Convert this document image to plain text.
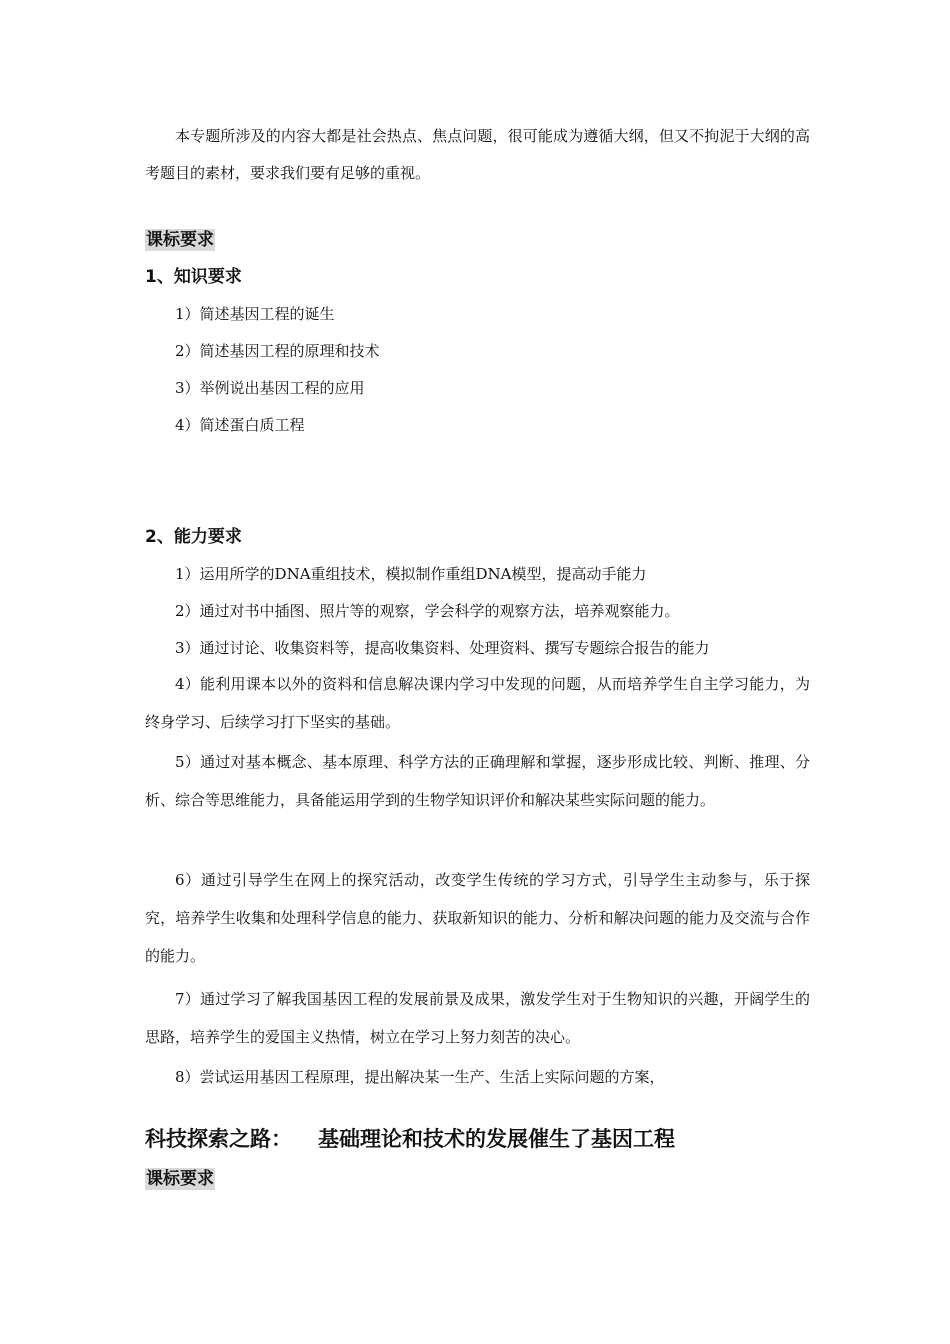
本专题所涉及的内容大都是社会热点、焦点问题，很可能成为遵循大纲，但又不拘泥于大纲的高考题目的素材，要求我们要有足够的重视。

课标要求
1、知识要求
1）简述基因工程的诞生
2）简述基因工程的原理和技术
3）举例说出基因工程的应用
4）简述蛋白质工程
2、能力要求
1）运用所学的DNA重组技术，模拟制作重组DNA模型，提高动手能力
2）通过对书中插图、照片等的观察，学会科学的观察方法，培养观察能力。
3）通过讨论、收集资料等，提高收集资料、处理资料、撰写专题综合报告的能力

4）能利用课本以外的资料和信息解决课内学习中发现的问题，从而培养学生自主学习能力，为终身学习、后续学习打下坚实的基础。

5）通过对基本概念、基本原理、科学方法的正确理解和掌握，逐步形成比较、判断、推理、分析、综合等思维能力，具备能运用学到的生物学知识评价和解决某些实际问题的能力。

6）通过引导学生在网上的探究活动，改变学生传统的学习方式，引导学生主动参与，乐于探究，培养学生收集和处理科学信息的能力、获取新知识的能力、分析和解决问题的能力及交流与合作的能力。

7）通过学习了解我国基因工程的发展前景及成果，激发学生对于生物知识的兴趣，开阔学生的思路，培养学生的爱国主义热情，树立在学习上努力刻苦的决心。

8）尝试运用基因工程原理，提出解决某一生产、生活上实际问题的方案，
科技探索之路： 基础理论和技术的发展催生了基因工程
课标要求
